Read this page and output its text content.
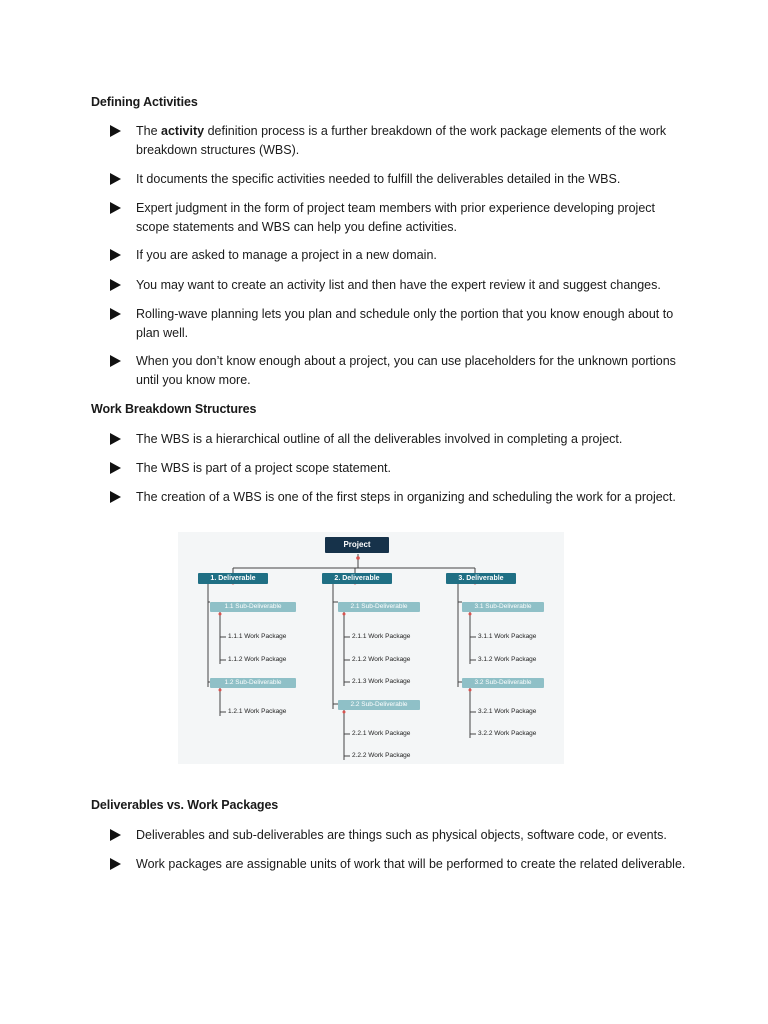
Defining Activities
The activity definition process is a further breakdown of the work package elements of the work breakdown structures (WBS).
It documents the specific activities needed to fulfill the deliverables detailed in the WBS.
Expert judgment in the form of project team members with prior experience developing project scope statements and WBS can help you define activities.
If you are asked to manage a project in a new domain.
You may want to create an activity list and then have the expert review it and suggest changes.
Rolling-wave planning lets you plan and schedule only the portion that you know enough about to plan well.
When you don’t know enough about a project, you can use placeholders for the unknown portions until you know more.
Work Breakdown Structures
The WBS is a hierarchical outline of all the deliverables involved in completing a project.
The WBS is part of a project scope statement.
The creation of a WBS is one of the first steps in organizing and scheduling the work for a project.
Project
1. Deliverable	2. Deliverable	3. Deliverable
1.1 Sub-Deliverable
1.2 Sub-Deliverable
2.1 Sub-Deliverable
2.2 Sub-Deliverable
3.1 Sub-Deliverable
3.2 Sub-Deliverable
1.1.1 Work Package
1.1.2 Work Package
1.2.1 Work Package
2.1.1 Work Package
2.1.2 Work Package
2.1.3 Work Package
2.2.1 Work Package
2.2.2 Work Package
3.1.1 Work Package
3.1.2 Work Package
3.2.1 Work Package
3.2.2 Work Package
Deliverables vs. Work Packages
Deliverables and sub-deliverables are things such as physical objects, software code, or events.
Work packages are assignable units of work that will be performed to create the related deliverable.
